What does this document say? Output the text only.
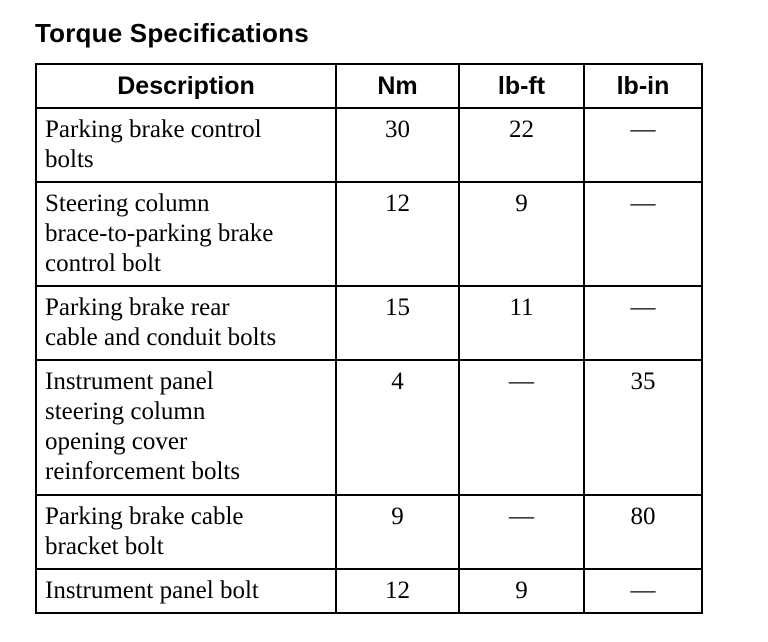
Torque Specifications
Description	Nm	lb-ft	lb-in

Parking brake control
bolts	30	22	—

Steering column
brace-to-parking brake
control bolt	12	9	—

Parking brake rear
cable and conduit bolts	15	11	—

Instrument panel
steering column
opening cover
reinforcement bolts	4	—	35

Parking brake cable
bracket bolt	9	—	80

Instrument panel bolt	12	9	—
